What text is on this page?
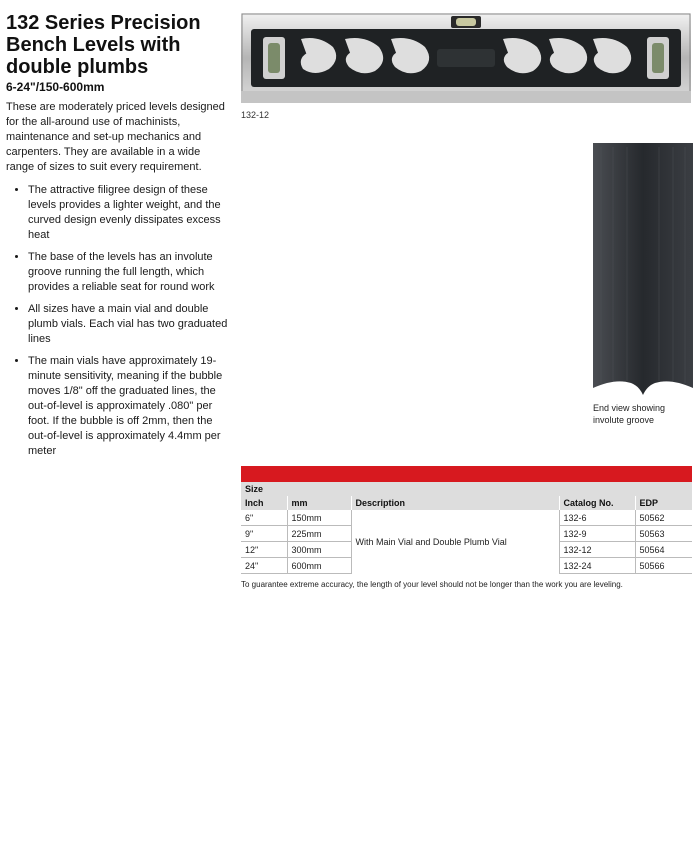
132 Series Precision Bench Levels with double plumbs
6-24"/150-600mm

These are moderately priced levels designed for the all-around use of machinists, maintenance and set-up mechanics and carpenters. They are available in a wide range of sizes to suit every requirement.

• The attractive filigree design of these levels provides a lighter weight, and the curved design evenly dissipates excess heat
• The base of the levels has an involute groove running the full length, which provides a reliable seat for round work
• All sizes have a main vial and double plumb vials. Each vial has two graduated lines
• The main vials have approximately 19-minute sensitivity, meaning if the bubble moves 1/8" off the graduated lines, the out-of-level is approximately .080" per foot. If the bubble is off 2mm, then the out-of-level is approximately 4.4mm per meter
132-12
End view showing involute groove
Size				
Inch	mm	Description	Catalog No.	EDP
6"	150mm	With Main Vial and Double Plumb Vial	132-6	50562
9"	225mm		132-9	50563
12"	300mm		132-12	50564
24"	600mm		132-24	50566
To guarantee extreme accuracy, the length of your level should not be longer than the work you are leveling.
